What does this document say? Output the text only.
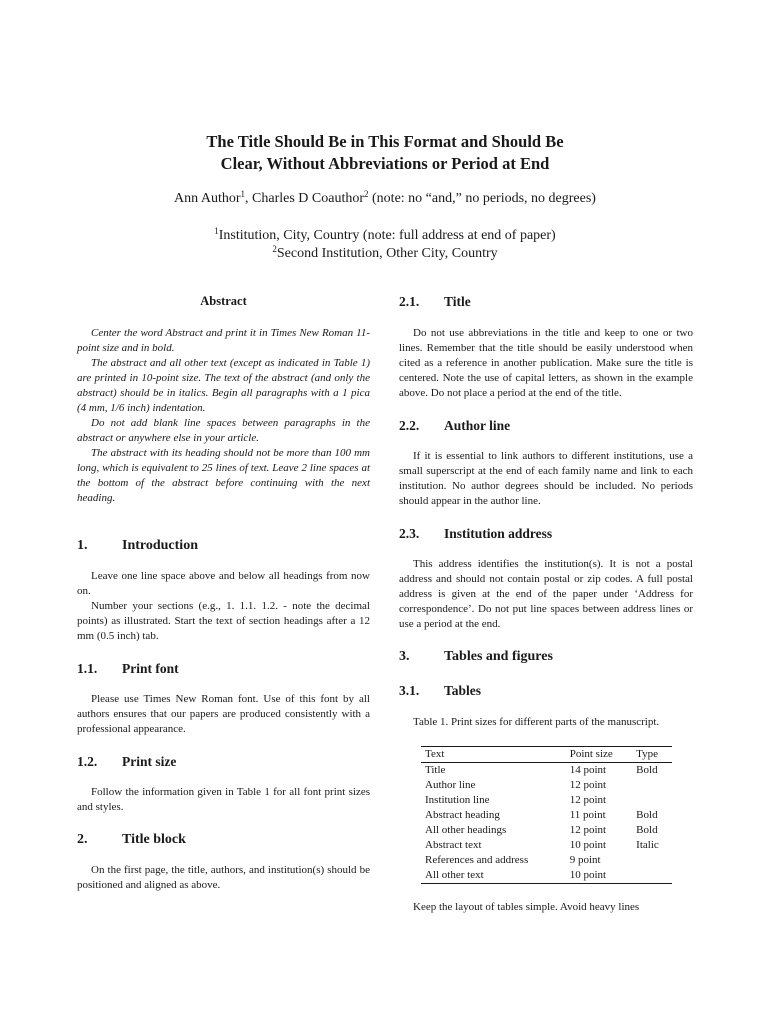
The Title Should Be in This Format and Should Be
Clear, Without Abbreviations or Period at End
Ann Author$^1$, Charles D Coauthor$^2$ (note: no “and,” no periods, no degrees)
$^1$Institution, City, Country (note: full address at end of paper)
$^2$Second Institution, Other City, Country
Abstract

Center the word Abstract and print it in Times New Roman 11-point size and in bold.

The abstract and all other text (except as indicated in Table 1) are printed in 10-point size. The text of the abstract (and only the abstract) should be in italics. Begin all paragraphs with a 1 pica (4 mm, 1/6 inch) indentation.

Do not add blank line spaces between paragraphs in the abstract or anywhere else in your article.

The abstract with its heading should not be more than 100 mm long, which is equivalent to 25 lines of text. Leave 2 line spaces at the bottom of the abstract before continuing with the next heading.

1.	Introduction

Leave one line space above and below all headings from now on.

Number your sections (e.g., 1. 1.1. 1.2. - note the decimal points) as illustrated. Start the text of section headings after a 12 mm (0.5 inch) tab.

1.1.	Print font

Please use Times New Roman font. Use of this font by all authors ensures that our papers are produced consistently with a professional appearance.

1.2.	Print size

Follow the information given in Table 1 for all font print sizes and styles.

2.	Title block

On the first page, the title, authors, and institution(s) should be positioned and aligned as above.

2.1.	Title

Do not use abbreviations in the title and keep to one or two lines. Remember that the title should be easily understood when cited as a reference in another publication. Make sure the title is centered. Note the use of capital letters, as shown in the example above. Do not place a period at the end of the title.

2.2.	Author line

If it is essential to link authors to different institutions, use a small superscript at the end of each family name and link to each institution. No author degrees should be included. No periods should appear in the author line.

2.3.	Institution address

This address identifies the institution(s). It is not a postal address and should not contain postal or zip codes. A full postal address is given at the end of the paper under ‘Address for correspondence’. Do not put line spaces between address lines or use a period at the end.

3.	Tables and figures
3.1.	Tables

Table 1. Print sizes for different parts of the manuscript.

Text	Point size	Type
Title	14 point	Bold
Author line	12 point	
Institution line	12 point	
Abstract heading	11 point	Bold
All other headings	12 point	Bold
Abstract text	10 point	Italic
References and address	9 point	
All other text	10 point	

Keep the layout of tables simple. Avoid heavy lines
